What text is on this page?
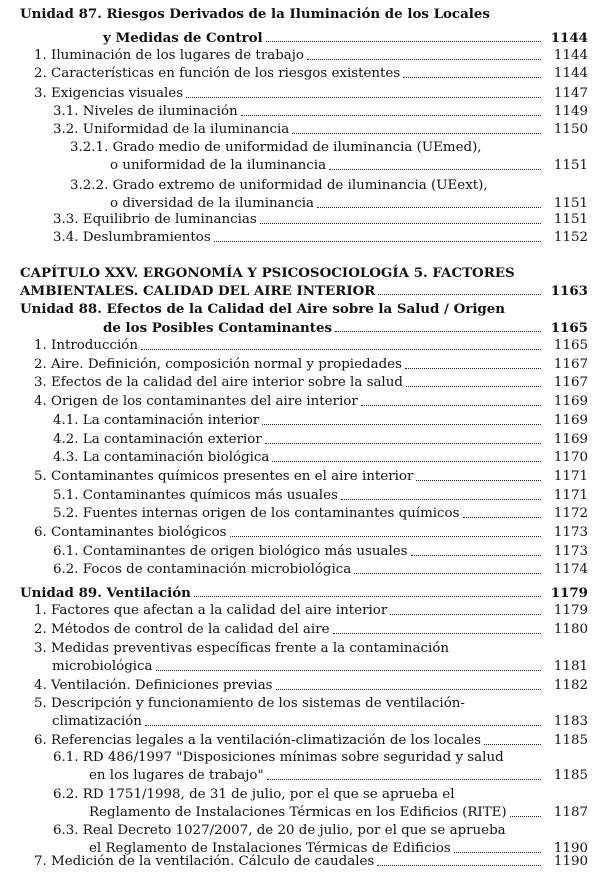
Unidad 87. Riesgos Derivados de la Iluminación de los Locales
y Medidas de Control	1144
1. Iluminación de los lugares de trabajo	1144
2. Características en función de los riesgos existentes	1144
3. Exigencias visuales	1147
3.1. Niveles de iluminación	1149
3.2. Uniformidad de la iluminancia	1150
3.2.1. Grado medio de uniformidad de iluminancia (UEmed),
o uniformidad de la iluminancia	1151
3.2.2. Grado extremo de uniformidad de iluminancia (UEext),
o diversidad de la iluminancia	1151
3.3. Equilibrio de luminancias	1151
3.4. Deslumbramientos	1152
CAPÍTULO XXV. ERGONOMÍA Y PSICOSOCIOLOGÍA 5. FACTORES
AMBIENTALES. CALIDAD DEL AIRE INTERIOR	1163
Unidad 88. Efectos de la Calidad del Aire sobre la Salud / Origen
de los Posibles Contaminantes	1165
1. Introducción	1165
2. Aire. Definición, composición normal y propiedades	1167
3. Efectos de la calidad del aire interior sobre la salud	1167
4. Origen de los contaminantes del aire interior	1169
4.1. La contaminación interior	1169
4.2. La contaminación exterior	1169
4.3. La contaminación biológica	1170
5. Contaminantes químicos presentes en el aire interior	1171
5.1. Contaminantes químicos más usuales	1171
5.2. Fuentes internas origen de los contaminantes químicos	1172
6. Contaminantes biológicos	1173
6.1. Contaminantes de origen biológico más usuales	1173
6.2. Focos de contaminación microbiológica	1174
Unidad 89. Ventilación	1179
1. Factores que afectan a la calidad del aire interior	1179
2. Métodos de control de la calidad del aire	1180
3. Medidas preventivas específicas frente a la contaminación
microbiológica	1181
4. Ventilación. Definiciones previas	1182
5. Descripción y funcionamiento de los sistemas de ventilación-
climatización	1183
6. Referencias legales a la ventilación-climatización de los locales	1185
6.1. RD 486/1997 "Disposiciones mínimas sobre seguridad y salud
en los lugares de trabajo"	1185
6.2. RD 1751/1998, de 31 de julio, por el que se aprueba el
Reglamento de Instalaciones Térmicas en los Edificios (RITE)	1187
6.3. Real Decreto 1027/2007, de 20 de julio, por el que se aprueba
el Reglamento de Instalaciones Térmicas de Edificios	1190
7. Medición de la ventilación. Cálculo de caudales	1190
